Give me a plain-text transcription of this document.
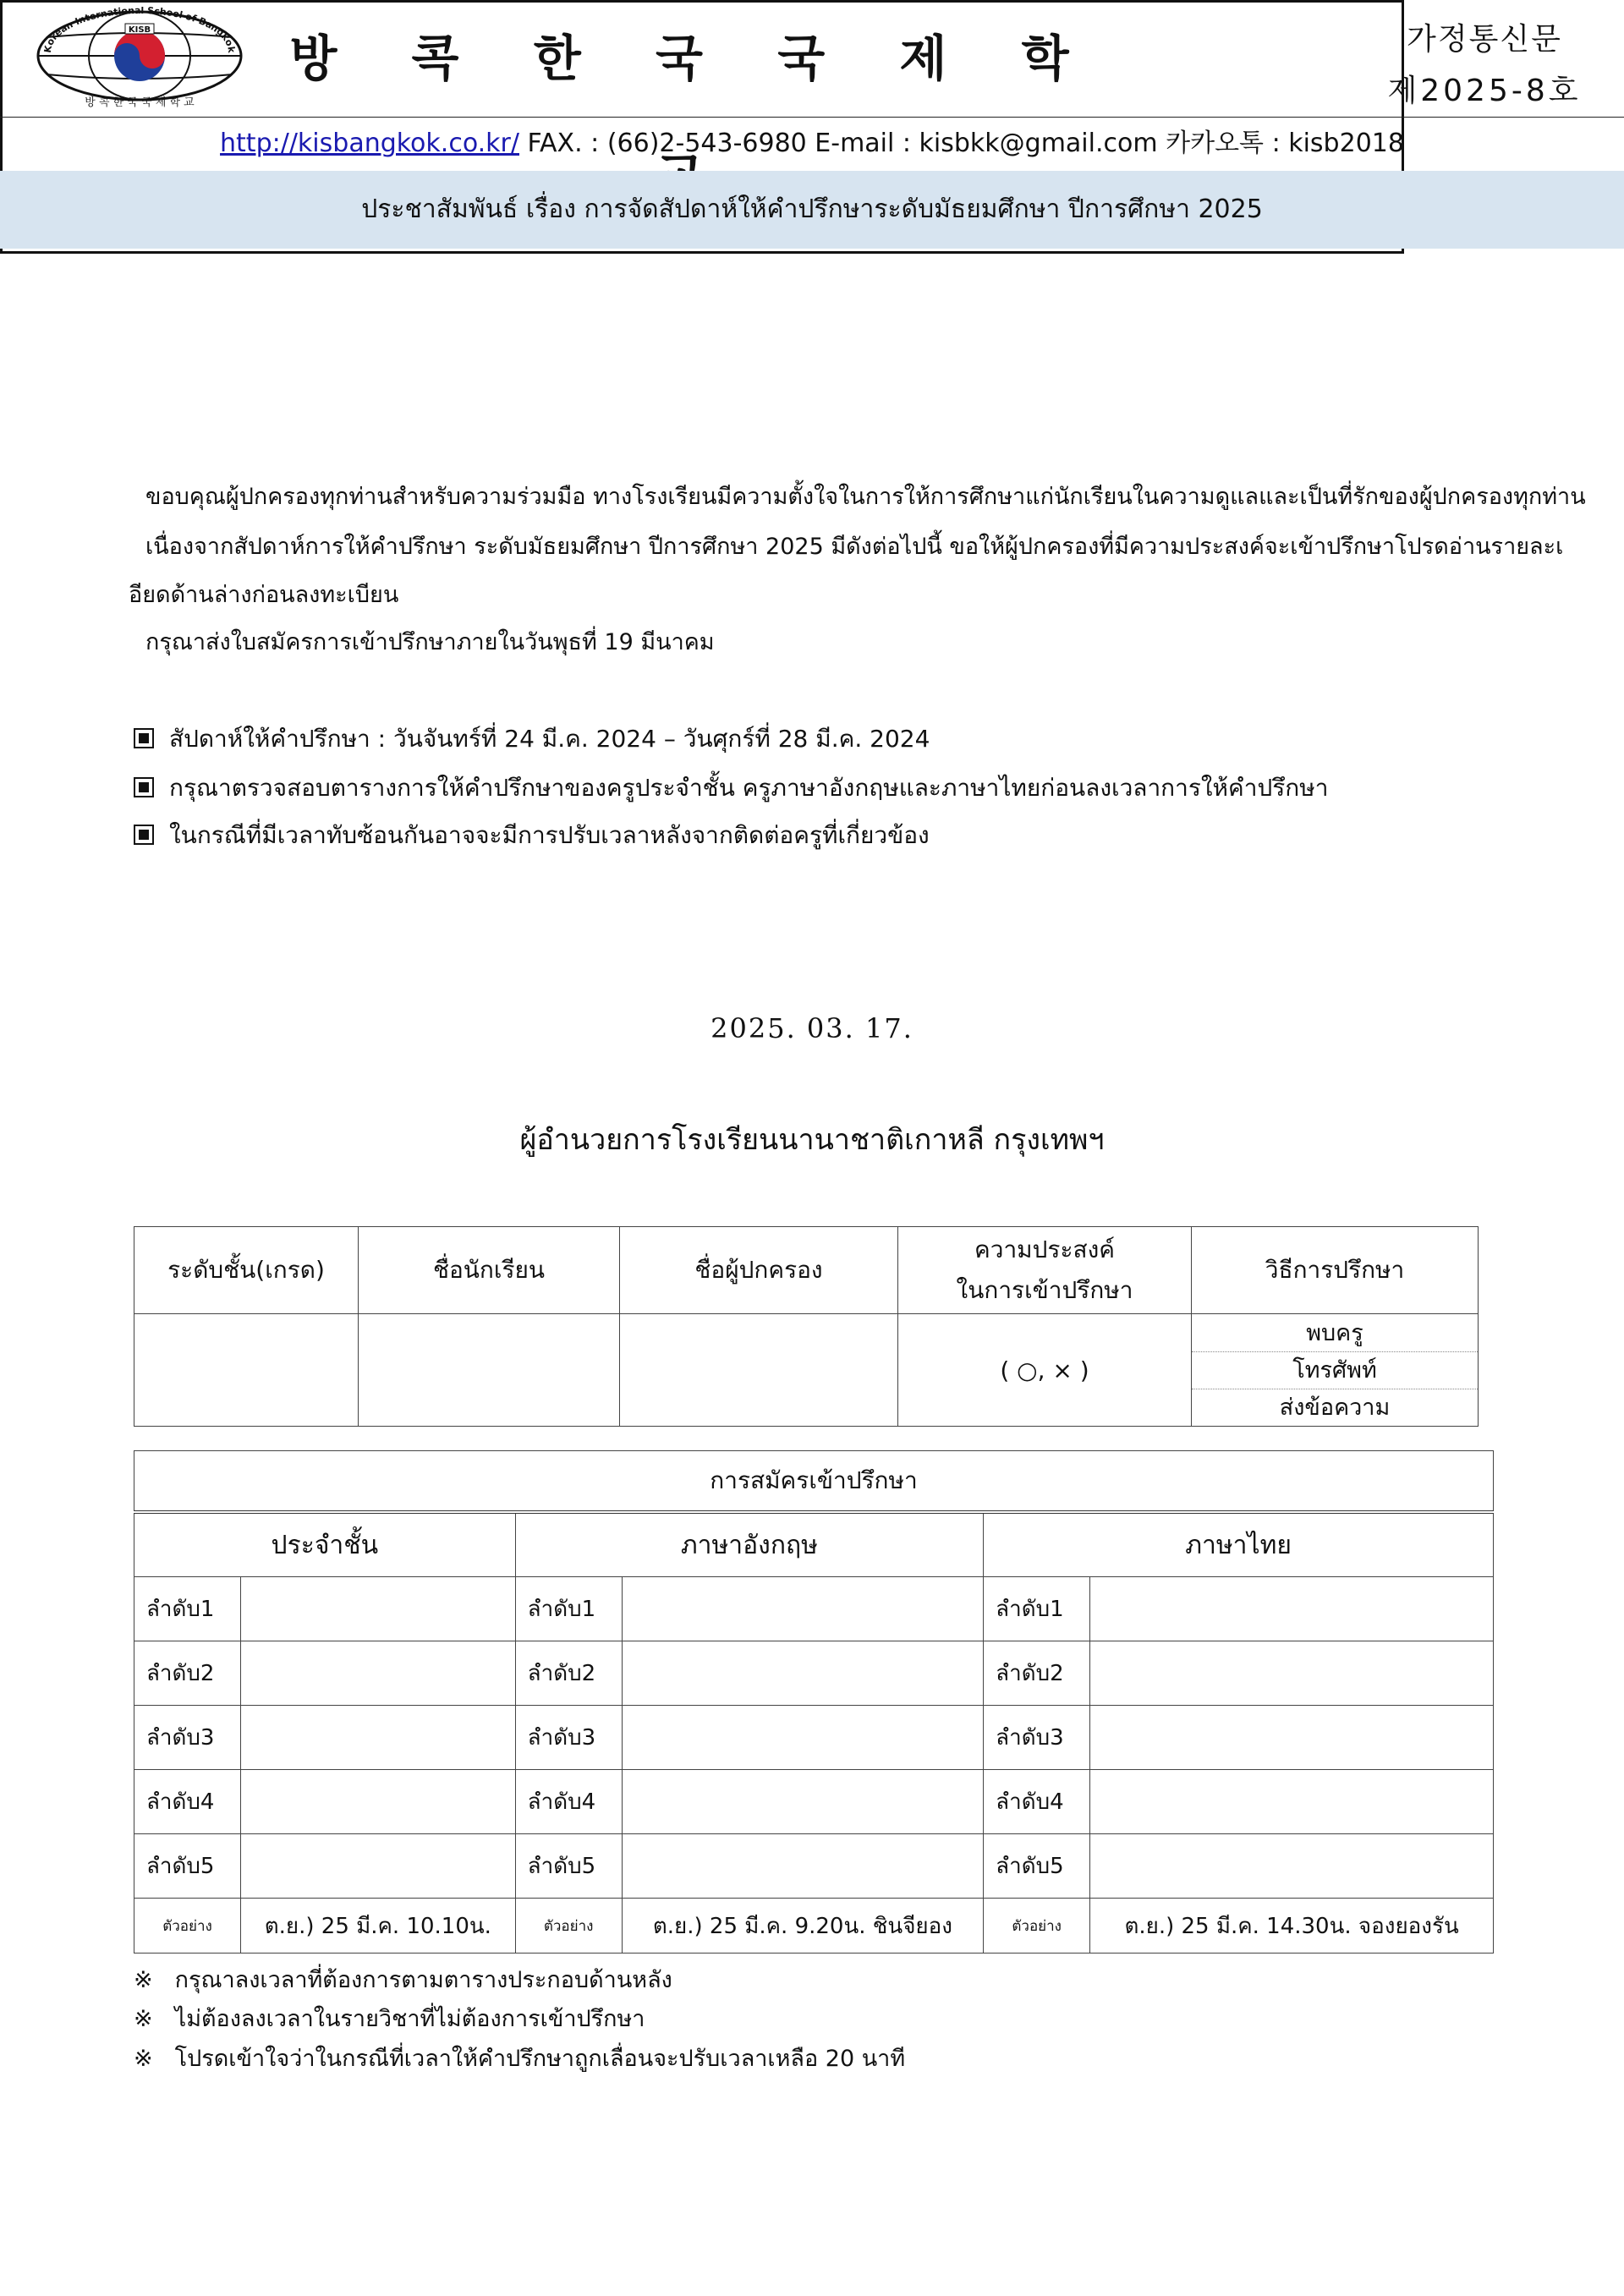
KISB
방 콕 한 국 국 제 학 교
Korean International School of Bangkok 방 콕 한 국 국 제 학	가정통신문
제2025-8호
http://kisbangkok.co.kr/ FAX. : (66)2-543-6980 E-mail : kisbkk@gmail.com 카카오톡 : kisb2018
ประชาสัมพันธ์ เรื่อง การจัดสัปดาห์ให้คำปรึกษาระดับมัธยมศึกษา ปีการศึกษา 2025
ขอบคุณผู้ปกครองทุกท่านสำหรับความร่วมมือ ทางโรงเรียนมีความตั้งใจในการให้การศึกษาแก่นักเรียนในความดูแลและเป็นที่รักของผู้ปกครองทุกท่าน
เนื่องจากสัปดาห์การให้คำปรึกษา ระดับมัธยมศึกษา ปีการศึกษา 2025 มีดังต่อไปนี้ ขอให้ผู้ปกครองที่มีความประสงค์จะเข้าปรึกษาโปรดอ่านรายละเ
อียดด้านล่างก่อนลงทะเบียน
กรุณาส่งใบสมัครการเข้าปรึกษาภายในวันพุธที่ 19 มีนาคม
สัปดาห์ให้คำปรึกษา : วันจันทร์ที่ 24 มี.ค. 2024 – วันศุกร์ที่ 28 มี.ค. 2024
กรุณาตรวจสอบตารางการให้คำปรึกษาของครูประจำชั้น ครูภาษาอังกฤษและภาษาไทยก่อนลงเวลาการให้คำปรึกษา
ในกรณีที่มีเวลาทับซ้อนกันอาจจะมีการปรับเวลาหลังจากติดต่อครูที่เกี่ยวข้อง
2025. 03. 17.
ผู้อำนวยการโรงเรียนนานาชาติเกาหลี กรุงเทพฯ
ระดับชั้น(เกรด)	ชื่อนักเรียน	ชื่อผู้ปกครอง	ความประสงค์
ในการเข้าปรึกษา	วิธีการปรึกษา
			( ○, × )	พบครู
โทรศัพท์
ส่งข้อความ
การสมัครเข้าปรึกษา					
ประจำชั้น		ภาษาอังกฤษ		ภาษาไทย	
ลำดับ1		ลำดับ1		ลำดับ1	
ลำดับ2		ลำดับ2		ลำดับ2	
ลำดับ3		ลำดับ3		ลำดับ3	
ลำดับ4		ลำดับ4		ลำดับ4	
ลำดับ5		ลำดับ5		ลำดับ5	
ตัวอย่าง	ต.ย.) 25 มี.ค. 10.10น.	ตัวอย่าง	ต.ย.) 25 มี.ค. 9.20น. ชินจียอง	ตัวอย่าง	ต.ย.) 25 มี.ค. 14.30น. จองยองรัน
※ กรุณาลงเวลาที่ต้องการตามตารางประกอบด้านหลัง
※ ไม่ต้องลงเวลาในรายวิชาที่ไม่ต้องการเข้าปรึกษา
※ โปรดเข้าใจว่าในกรณีที่เวลาให้คำปรึกษาถูกเลื่อนจะปรับเวลาเหลือ 20 นาที
